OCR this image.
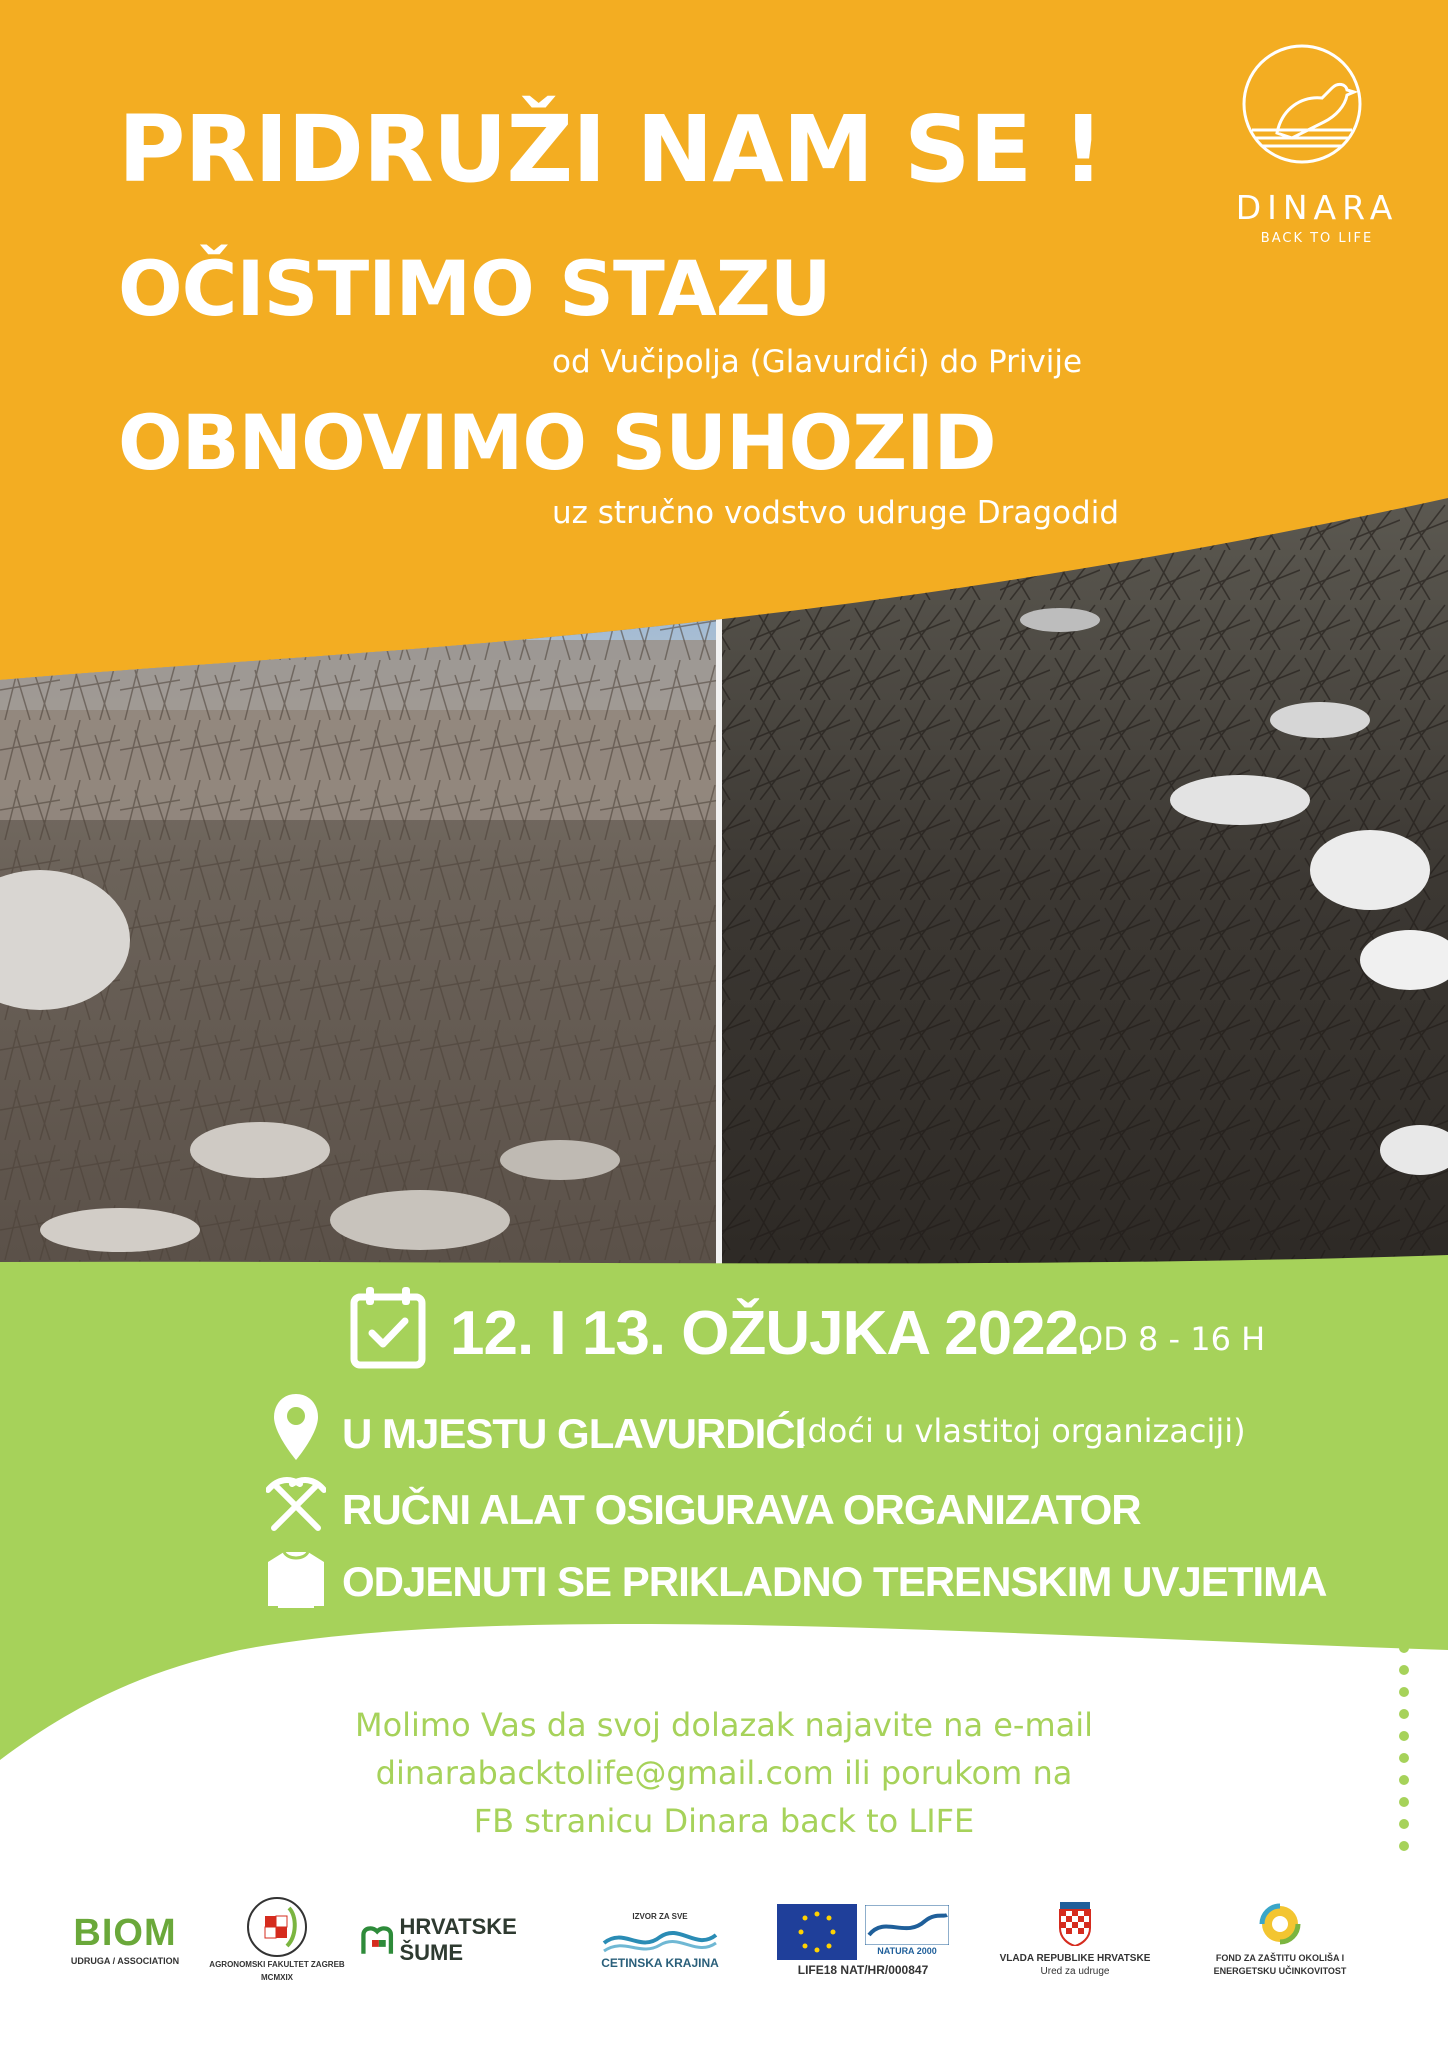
PRIDRUŽI NAM SE !
OČISTIMO STAZU
od Vučipolja (Glavurdići) do Privije
OBNOVIMO SUHOZID
uz stručno vodstvo udruge Dragodid
DINARA
BACK TO LIFE
12. I 13. OŽUJKA 2022.
OD 8 - 16 H
U MJESTU GLAVURDIĆI
(doći u vlastitoj organizaciji)
RUČNI ALAT OSIGURAVA ORGANIZATOR
ODJENUTI SE PRIKLADNO TERENSKIM UVJETIMA
Molimo Vas da svoj dolazak najavite na e-mail
dinarabacktolife@gmail.com ili porukom na
FB stranicu Dinara back to LIFE
BIOM
UDRUGA / ASSOCIATION	AGRONOMSKI FAKULTET ZAGREB
MCMXIX
HRVATSKE ŠUME
IZVOR ZA SVE
CETINSKA KRAJINA
NATURA 2000
LIFE18 NAT/HR/000847
VLADA REPUBLIKE HRVATSKE
Ured za udruge
FOND ZA ZAŠTITU OKOLIŠA I
ENERGETSKU UČINKOVITOST
